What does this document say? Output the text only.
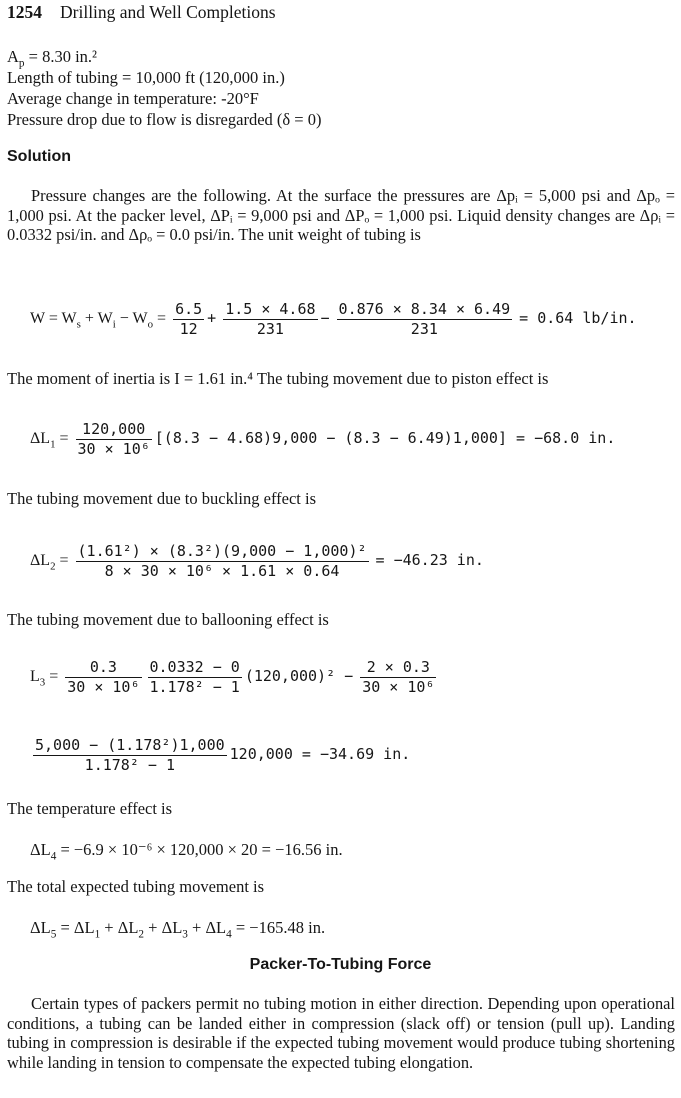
1254 Drilling and Well Completions
$A_p = 8.30$ in.²
Length of tubing = 10,000 ft (120,000 in.)
Average change in temperature: -20°F
Pressure drop due to flow is disregarded (δ = 0)
Solution
Pressure changes are the following. At the surface the pressures are Δpᵢ = 5,000 psi and Δpₒ = 1,000 psi. At the packer level, ΔPᵢ = 9,000 psi and ΔPₒ = 1,000 psi. Liquid density changes are Δρᵢ = 0.0332 psi/in. and Δρₒ = 0.0 psi/in. The unit weight of tubing is
$W = W_s + W_i - W_o = \frac{6.5}{12} + \frac{1.5 \times 4.68}{231} - \frac{0.876 \times 8.34 \times 6.49}{231} = 0.64$ lb/in.
The moment of inertia is I = 1.61 in.⁴ The tubing movement due to piston effect is
$\Delta L_1 = \frac{120,000}{\text{30 × 10⁶}} [(8.3 - 4.68)9,000 - (8.3 - 6.49)1,000] = -68.0$ in.
The tubing movement due to buckling effect is
$\Delta L_2 = \frac{\text{(1.61²) × (8.3²)(9,000 − 1,000)²}}{\text{8 × 30 × 10⁶ × 1.61 × 0.64}} = -46.23$ in.
The tubing movement due to ballooning effect is
$L_3 = \frac{0.3}{\text{30 × 10⁶}} \frac{0.0332 - 0}{\text{1.178² − 1}} (120,000)^2 - \frac{2 \times 0.3}{\text{30 × 10⁶}}$
$\frac{\text{5,000 − (1.178²)1,000}}{\text{1.178² − 1}} 120,000 = -34.69$ in.
The temperature effect is
$\Delta L_4 = -6.9 \times 10^{-6} \times 120,000 \times 20 = -16.56$ in.
The total expected tubing movement is
$\Delta L_5 = \Delta L_1 + \Delta L_2 + \Delta L_3 + \Delta L_4 = -165.48$ in.
Packer-To-Tubing Force
Certain types of packers permit no tubing motion in either direction. Depending upon operational conditions, a tubing can be landed either in compression (slack off) or tension (pull up). Landing tubing in compression is desirable if the expected tubing movement would produce tubing shortening while landing in tension to compensate the expected tubing elongation.
